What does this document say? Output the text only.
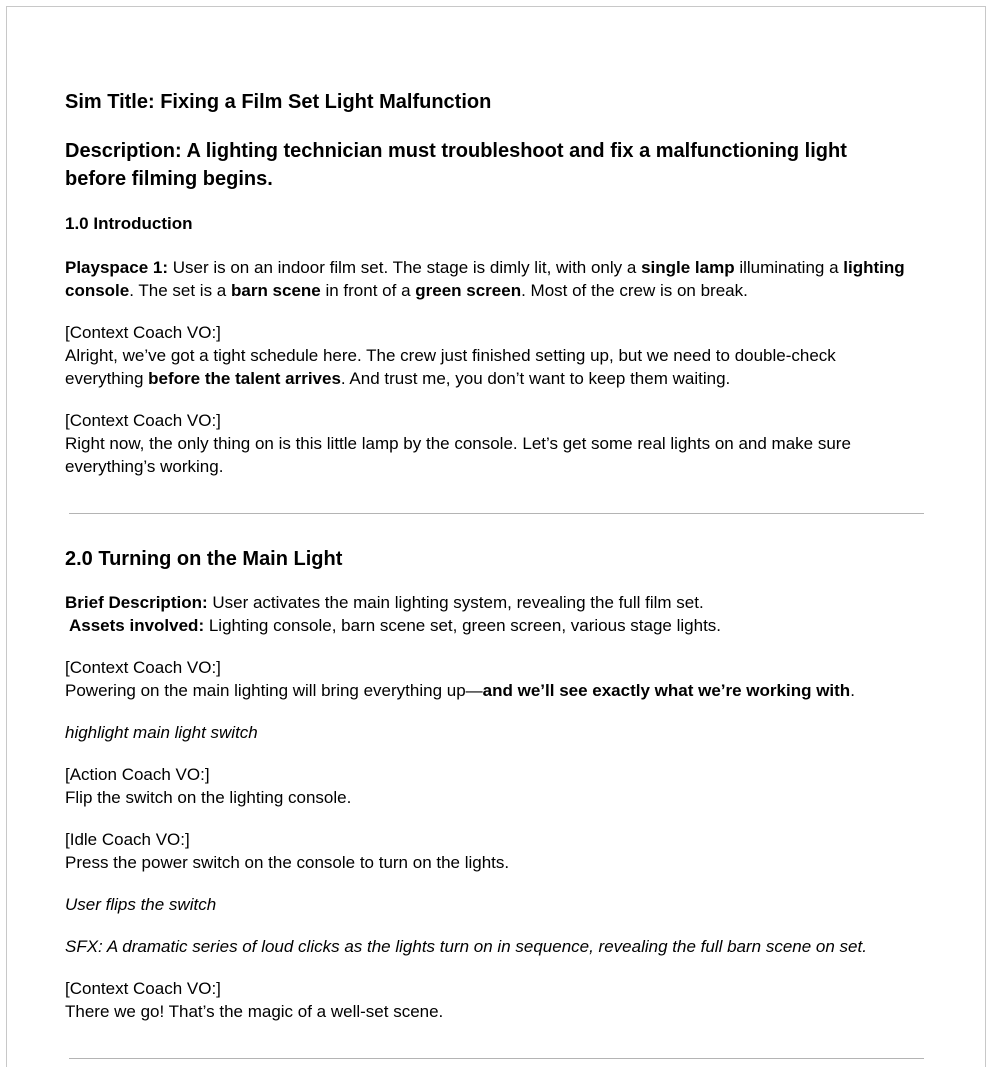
Sim Title: Fixing a Film Set Light Malfunction
Description: A lighting technician must troubleshoot and fix a malfunctioning light before filming begins.
1.0 Introduction

Playspace 1: User is on an indoor film set. The stage is dimly lit, with only a single lamp illuminating a lighting console. The set is a barn scene in front of a green screen. Most of the crew is on break.

[Context Coach VO:]

Alright, we’ve got a tight schedule here. The crew just finished setting up, but we need to double-check everything before the talent arrives. And trust me, you don’t want to keep them waiting.

[Context Coach VO:]

Right now, the only thing on is this little lamp by the console. Let’s get some real lights on and make sure everything’s working.

2.0 Turning on the Main Light

Brief Description: User activates the main lighting system, revealing the full film set.

Assets involved: Lighting console, barn scene set, green screen, various stage lights.

[Context Coach VO:]

Powering on the main lighting will bring everything up—and we’ll see exactly what we’re working with.

highlight main light switch

[Action Coach VO:]

Flip the switch on the lighting console.

[Idle Coach VO:]

Press the power switch on the console to turn on the lights.

User flips the switch

SFX: A dramatic series of loud clicks as the lights turn on in sequence, revealing the full barn scene on set.

[Context Coach VO:]

There we go! That’s the magic of a well-set scene.
